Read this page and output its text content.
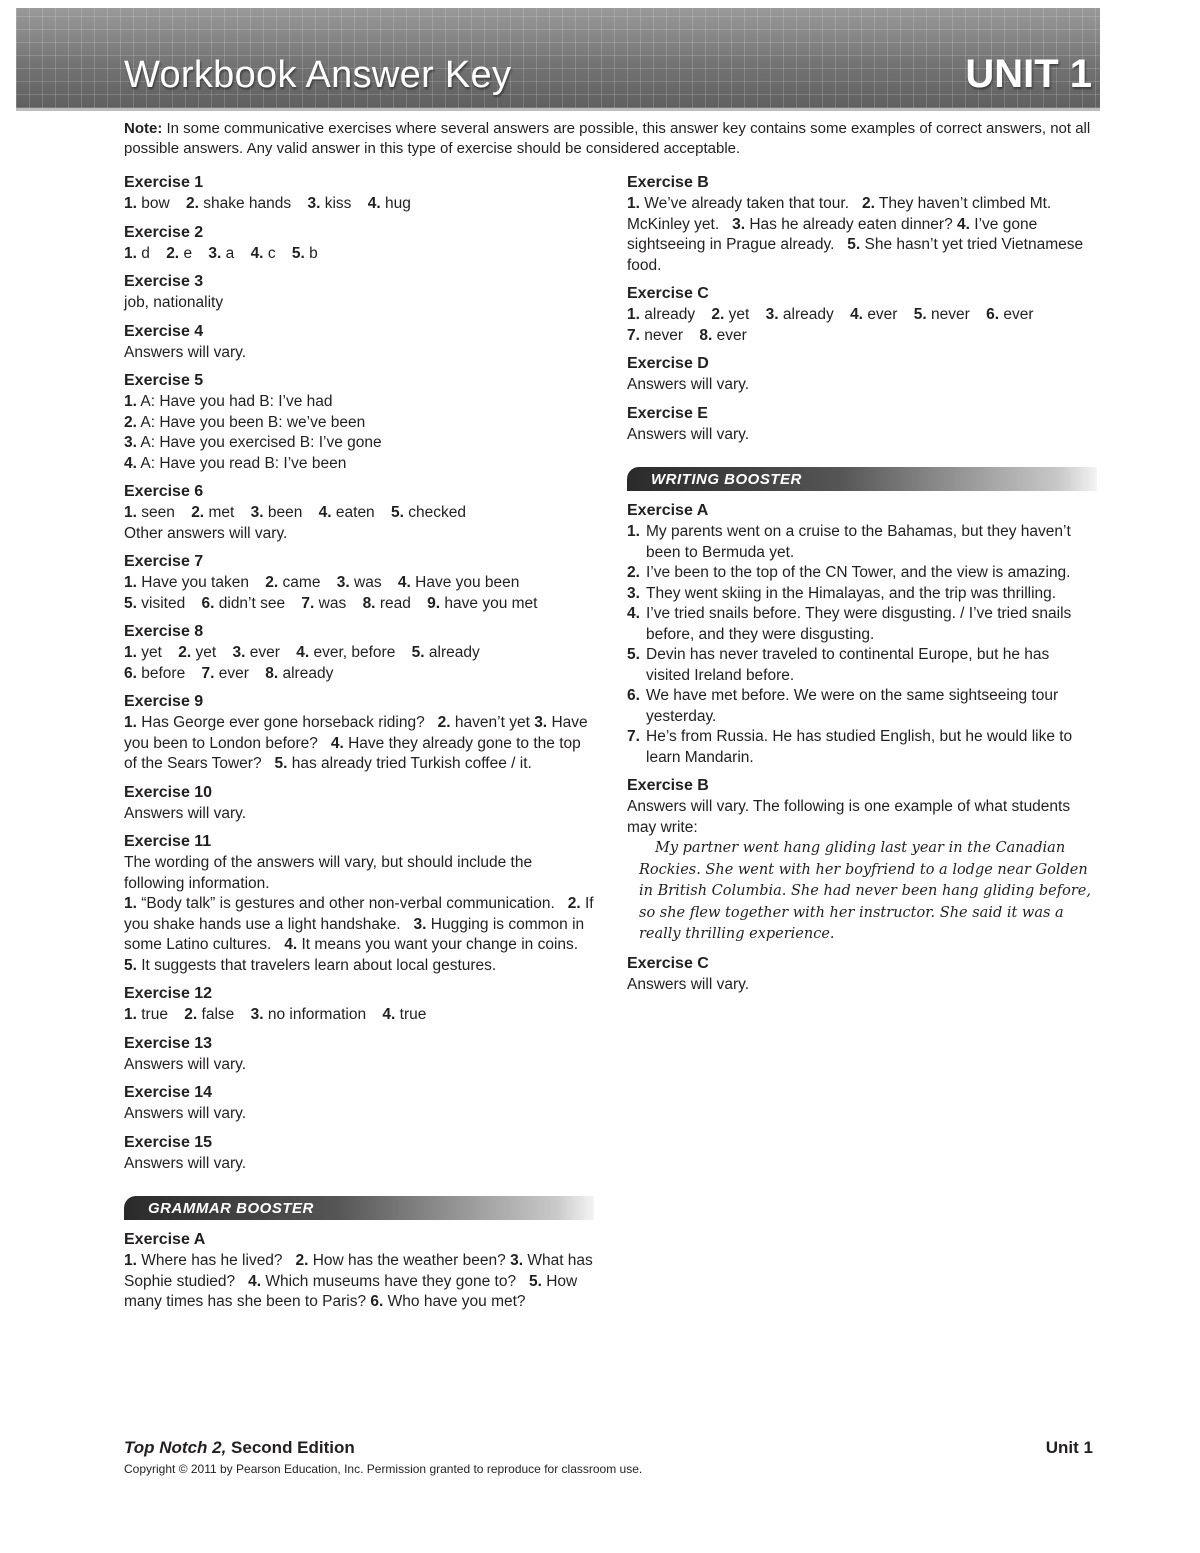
Workbook Answer Key	UNIT 1
Note: In some communicative exercises where several answers are possible, this answer key contains some examples of correct answers, not all possible answers. Any valid answer in this type of exercise should be considered acceptable.
Exercise 1
1. bow 2. shake hands 3. kiss 4. hug
Exercise 2
1. d 2. e 3. a 4. c 5. b
Exercise 3
job, nationality
Exercise 4
Answers will vary.
Exercise 5
1. A: Have you had B: I’ve had
2. A: Have you been B: we’ve been
3. A: Have you exercised B: I’ve gone
4. A: Have you read B: I’ve been
Exercise 6
1. seen 2. met 3. been 4. eaten 5. checked
Other answers will vary.
Exercise 7
1. Have you taken 2. came 3. was 4. Have you been
5. visited 6. didn’t see 7. was 8. read 9. have you met
Exercise 8
1. yet 2. yet 3. ever 4. ever, before 5. already
6. before 7. ever 8. already
Exercise 9
1. Has George ever gone horseback riding? 2. haven’t yet 3. Have you been to London before? 4. Have they already gone to the top of the Sears Tower? 5. has already tried Turkish coffee / it.
Exercise 10
Answers will vary.
Exercise 11
The wording of the answers will vary, but should include the following information.
1. “Body talk” is gestures and other non-verbal communication. 2. If you shake hands use a light handshake. 3. Hugging is common in some Latino cultures. 4. It means you want your change in coins. 5. It suggests that travelers learn about local gestures.
Exercise 12
1. true 2. false 3. no information 4. true
Exercise 13
Answers will vary.
Exercise 14
Answers will vary.
Exercise 15
Answers will vary.
GRAMMAR BOOSTER
Exercise A
1. Where has he lived? 2. How has the weather been? 3. What has Sophie studied? 4. Which museums have they gone to? 5. How many times has she been to Paris? 6. Who have you met?
Exercise B
1. We’ve already taken that tour. 2. They haven’t climbed Mt. McKinley yet. 3. Has he already eaten dinner? 4. I’ve gone sightseeing in Prague already. 5. She hasn’t yet tried Vietnamese food.
Exercise C
1. already 2. yet 3. already 4. ever 5. never 6. ever
7. never 8. ever
Exercise D
Answers will vary.
Exercise E
Answers will vary.
WRITING BOOSTER
Exercise A
1. My parents went on a cruise to the Bahamas, but they haven’t been to Bermuda yet.
2. I’ve been to the top of the CN Tower, and the view is amazing.
3. They went skiing in the Himalayas, and the trip was thrilling.
4. I’ve tried snails before. They were disgusting. / I’ve tried snails before, and they were disgusting.
5. Devin has never traveled to continental Europe, but he has visited Ireland before.
6. We have met before. We were on the same sightseeing tour yesterday.
7. He’s from Russia. He has studied English, but he would like to learn Mandarin.
Exercise B
Answers will vary. The following is one example of what students may write:
My partner went hang gliding last year in the Canadian Rockies. She went with her boyfriend to a lodge near Golden in British Columbia. She had never been hang gliding before, so she flew together with her instructor. She said it was a really thrilling experience.
Exercise C
Answers will vary.
Top Notch 2, Second Edition	Unit 1
Copyright © 2011 by Pearson Education, Inc. Permission granted to reproduce for classroom use.
